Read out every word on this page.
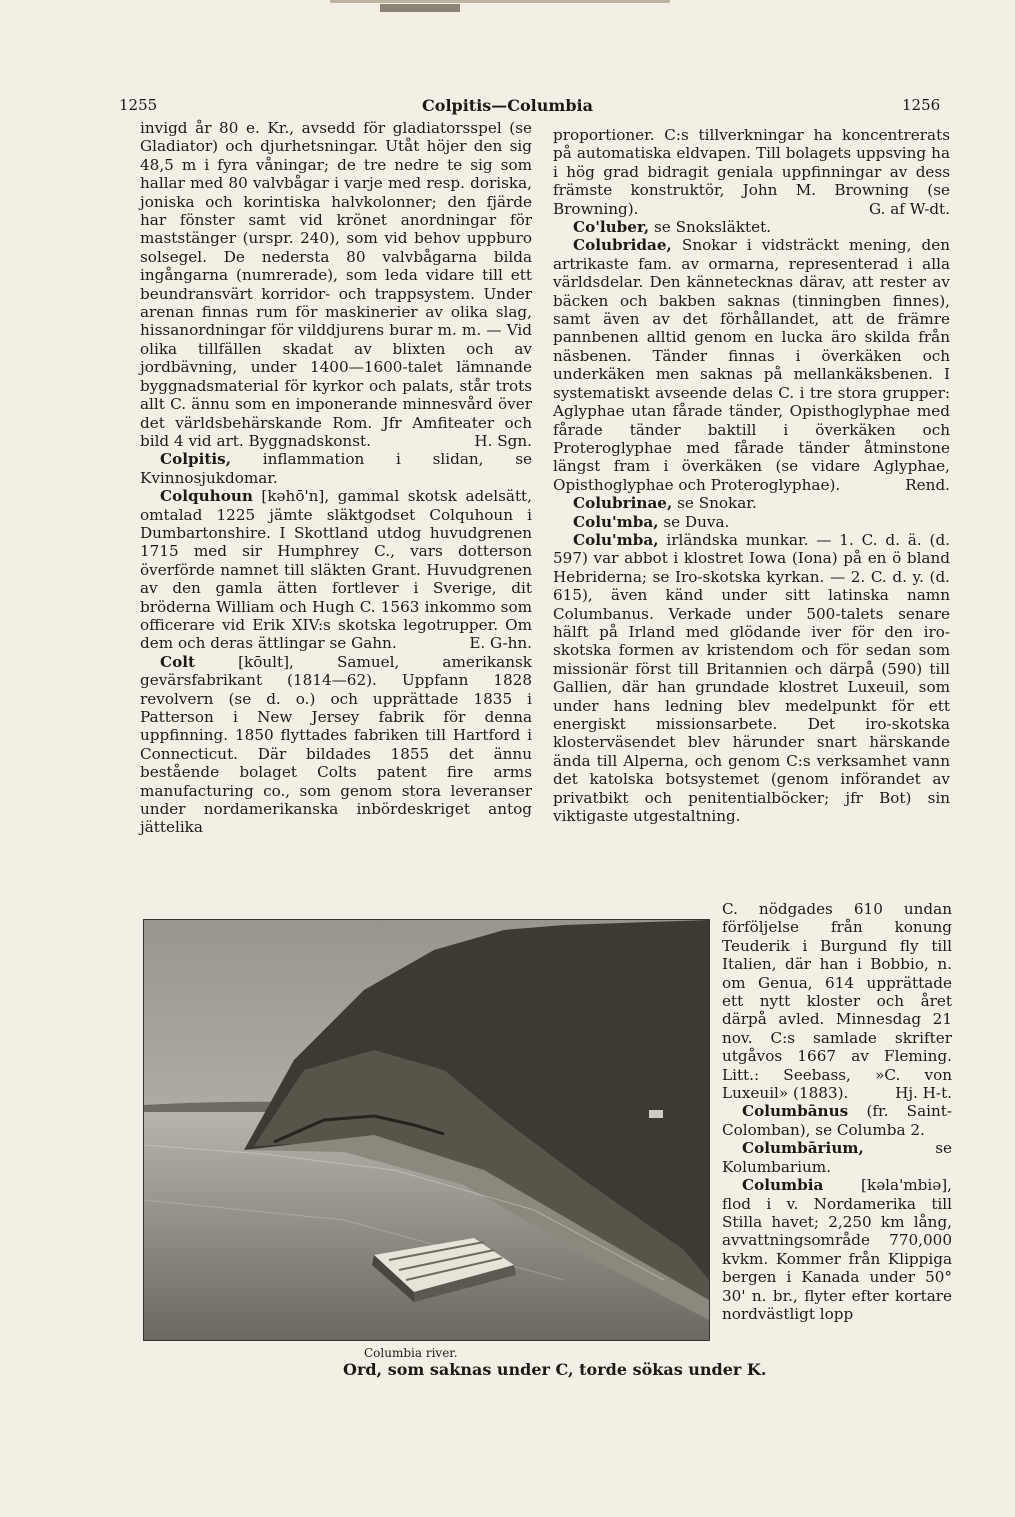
1255	Colpitis—Columbia	1256

invigd år 80 e. Kr., avsedd för gladiatorsspel (se Gladiator) och djurhetsningar. Utåt höjer den sig 48,5 m i fyra våningar; de tre nedre te sig som hallar med 80 valvbågar i varje med resp. doriska, joniska och korintiska halvkolonner; den fjärde har fönster samt vid krönet anordningar för maststänger (urspr. 240), som vid behov uppburo solsegel. De nedersta 80 valvbågarna bilda ingångarna (numrerade), som leda vidare till ett beundransvärt korridor- och trappsystem. Under arenan finnas rum för maskinerier av olika slag, hissanordningar för vilddjurens burar m. m. — Vid olika tillfällen skadat av blixten och av jordbävning, under 1400—1600-talet lämnande byggnadsmaterial för kyrkor och palats, står trots allt C. ännu som en imponerande minnesvård över det världsbehärskande Rom. Jfr Amfiteater och bild 4 vid art. Byggnadskonst.	H. Sgn.

Colpitis, inflammation i slidan, se Kvinnosjukdomar.

Colquhoun [kəhō'n], gammal skotsk adelsätt, omtalad 1225 jämte släktgodset Colquhoun i Dumbartonshire. I Skottland utdog huvudgrenen 1715 med sir Humphrey C., vars dotterson överförde namnet till släkten Grant. Huvudgrenen av den gamla ätten fortlever i Sverige, dit bröderna William och Hugh C. 1563 inkommo som officerare vid Erik XIV:s skotska legotrupper. Om dem och deras ättlingar se Gahn.	E. G-hn.

Colt [kōult], Samuel, amerikansk gevärsfabrikant (1814—62). Uppfann 1828 revolvern (se d. o.) och upprättade 1835 i Patterson i New Jersey fabrik för denna uppfinning. 1850 flyttades fabriken till Hartford i Connecticut. Där bildades 1855 det ännu bestående bolaget Colts patent fire arms manufacturing co., som genom stora leveranser under nordamerikanska inbördeskriget antog jättelika

proportioner. C:s tillverkningar ha koncentrerats på automatiska eldvapen. Till bolagets uppsving ha i hög grad bidragit geniala uppfinningar av dess främste konstruktör, John M. Browning (se Browning).	G. af W-dt.

Co'luber, se Snoksläktet.

Colubridae, Snokar i vidsträckt mening, den artrikaste fam. av ormarna, representerad i alla världsdelar. Den kännetecknas därav, att rester av bäcken och bakben saknas (tinningben finnes), samt även av det förhållandet, att de främre pannbenen alltid genom en lucka äro skilda från näsbenen. Tänder finnas i överkäken och underkäken men saknas på mellankäksbenen. I systematiskt avseende delas C. i tre stora grupper: Aglyphae utan fårade tänder, Opisthoglyphae med fårade tänder baktill i överkäken och Proteroglyphae med fårade tänder åtminstone längst fram i överkäken (se vidare Aglyphae, Opisthoglyphae och Proteroglyphae).	Rend.

Colubrinae, se Snokar.

Colu'mba, se Duva.

Colu'mba, irländska munkar. — 1. C. d. ä. (d. 597) var abbot i klostret Iowa (Iona) på en ö bland Hebriderna; se Iro-skotska kyrkan. — 2. C. d. y. (d. 615), även känd under sitt latinska namn Columbanus. Verkade under 500-talets senare hälft på Irland med glödande iver för den iro-skotska formen av kristendom och för sedan som missionär först till Britannien och därpå (590) till Gallien, där han grundade klostret Luxeuil, som under hans ledning blev medelpunkt för ett energiskt missionsarbete. Det iro-skotska klosterväsendet blev härunder snart härskande ända till Alperna, och genom C:s verksamhet vann det katolska botsystemet (genom införandet av privatbikt och penitentialböcker; jfr Bot) sin viktigaste utgestaltning.

C. nödgades 610 undan förföljelse från konung Teuderik i Burgund fly till Italien, där han i Bobbio, n. om Genua, 614 upprättade ett nytt kloster och året därpå avled. Minnesdag 21 nov. C:s samlade skrifter utgåvos 1667 av Fleming. Litt.: Seebass, »C. von Luxeuil» (1883).	Hj. H-t.

Columbānus (fr. Saint-Colomban), se Columba 2.

Columbārium, se Kolumbarium.

Columbia [kəla'mbiə], flod i v. Nordamerika till Stilla havet; 2,250 km lång, avvattningsområde 770,000 kvkm. Kommer från Klippiga bergen i Kanada under 50° 30' n. br., flyter efter kortare nordvästligt lopp

Columbia river.
Ord, som saknas under C, torde sökas under K.
